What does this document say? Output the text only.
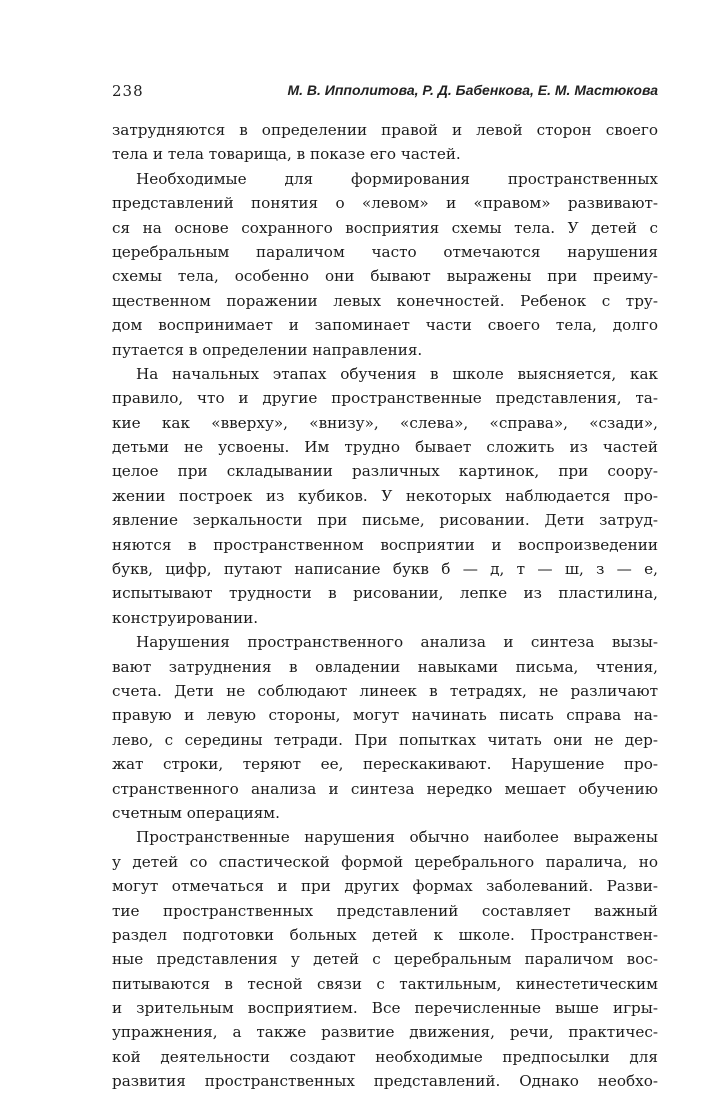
238	М. В. Ипполитова, Р. Д. Бабенкова, Е. М. Мастюкова
затрудняются в определении правой и левой сторон своего
тела и тела товарища, в показе его частей.
Необходимые для формирования пространственных
представлений понятия о «левом» и «правом» развивают-
ся на основе сохранного восприятия схемы тела. У детей с
церебральным параличом часто отмечаются нарушения
схемы тела, особенно они бывают выражены при преиму-
щественном поражении левых конечностей. Ребенок с тру-
дом воспринимает и запоминает части своего тела, долго
путается в определении направления.
На начальных этапах обучения в школе выясняется, как
правило, что и другие пространственные представления, та-
кие как «вверху», «внизу», «слева», «справа», «сзади»,
детьми не усвоены. Им трудно бывает сложить из частей
целое при складывании различных картинок, при соору-
жении построек из кубиков. У некоторых наблюдается про-
явление зеркальности при письме, рисовании. Дети затруд-
няются в пространственном восприятии и воспроизведении
букв, цифр, путают написание букв б — д, т — ш, з — е,
испытывают трудности в рисовании, лепке из пластилина,
конструировании.
Нарушения пространственного анализа и синтеза вызы-
вают затруднения в овладении навыками письма, чтения,
счета. Дети не соблюдают линеек в тетрадях, не различают
правую и левую стороны, могут начинать писать справа на-
лево, с середины тетради. При попытках читать они не дер-
жат строки, теряют ее, перескакивают. Нарушение про-
странственного анализа и синтеза нередко мешает обучению
счетным операциям.
Пространственные нарушения обычно наиболее выражены
у детей со спастической формой церебрального паралича, но
могут отмечаться и при других формах заболеваний. Разви-
тие пространственных представлений составляет важный
раздел подготовки больных детей к школе. Пространствен-
ные представления у детей с церебральным параличом вос-
питываются в тесной связи с тактильным, кинестетическим
и зрительным восприятием. Все перечисленные выше игры-
упражнения, а также развитие движения, речи, практичес-
кой деятельности создают необходимые предпосылки для
развития пространственных представлений. Однако необхо-
